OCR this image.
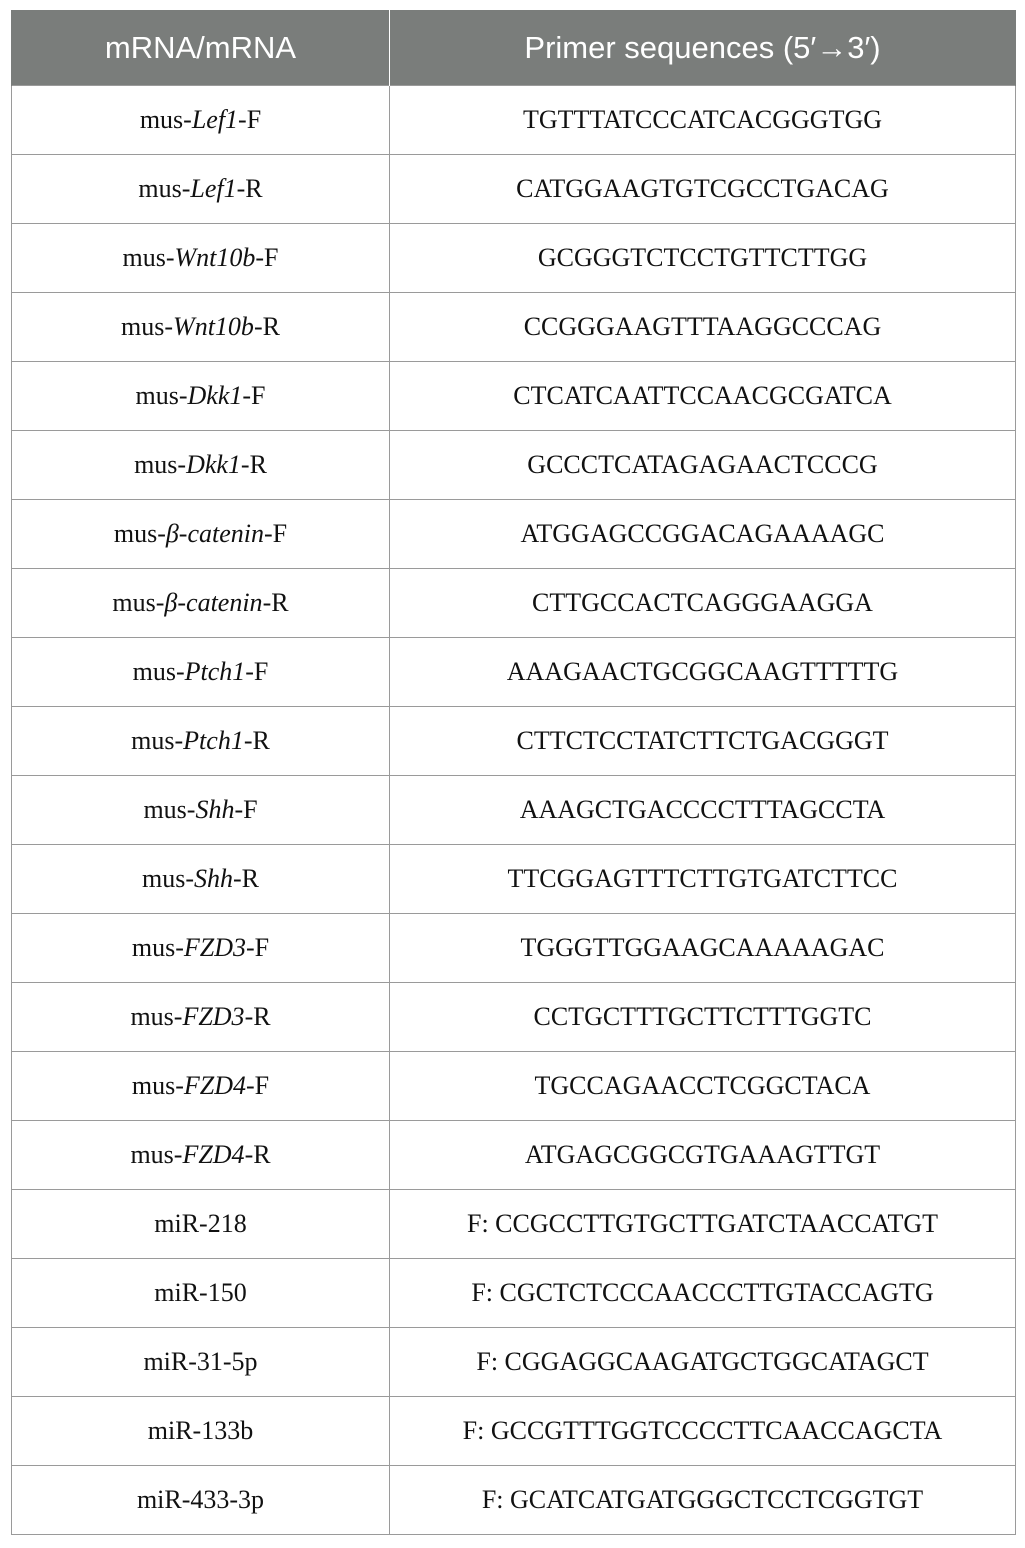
mRNA/mRNA	Primer sequences (5′→3′)
mus-Lef1-F	TGTTTATCCCATCACGGGTGG
mus-Lef1-R	CATGGAAGTGTCGCCTGACAG
mus-Wnt10b-F	GCGGGTCTCCTGTTCTTGG
mus-Wnt10b-R	CCGGGAAGTTTAAGGCCCAG
mus-Dkk1-F	CTCATCAATTCCAACGCGATCA
mus-Dkk1-R	GCCCTCATAGAGAACTCCCG
mus-β-catenin-F	ATGGAGCCGGACAGAAAAGC
mus-β-catenin-R	CTTGCCACTCAGGGAAGGA
mus-Ptch1-F	AAAGAACTGCGGCAAGTTTTTG
mus-Ptch1-R	CTTCTCCTATCTTCTGACGGGT
mus-Shh-F	AAAGCTGACCCCTTTAGCCTA
mus-Shh-R	TTCGGAGTTTCTTGTGATCTTCC
mus-FZD3-F	TGGGTTGGAAGCAAAAAGAC
mus-FZD3-R	CCTGCTTTGCTTCTTTGGTC
mus-FZD4-F	TGCCAGAACCTCGGCTACA
mus-FZD4-R	ATGAGCGGCGTGAAAGTTGT
miR-218	F: CCGCCTTGTGCTTGATCTAACCATGT
miR-150	F: CGCTCTCCCAACCCTTGTACCAGTG
miR-31-5p	F: CGGAGGCAAGATGCTGGCATAGCT
miR-133b	F: GCCGTTTGGTCCCCTTCAACCAGCTA
miR-433-3p	F: GCATCATGATGGGCTCCTCGGTGT
